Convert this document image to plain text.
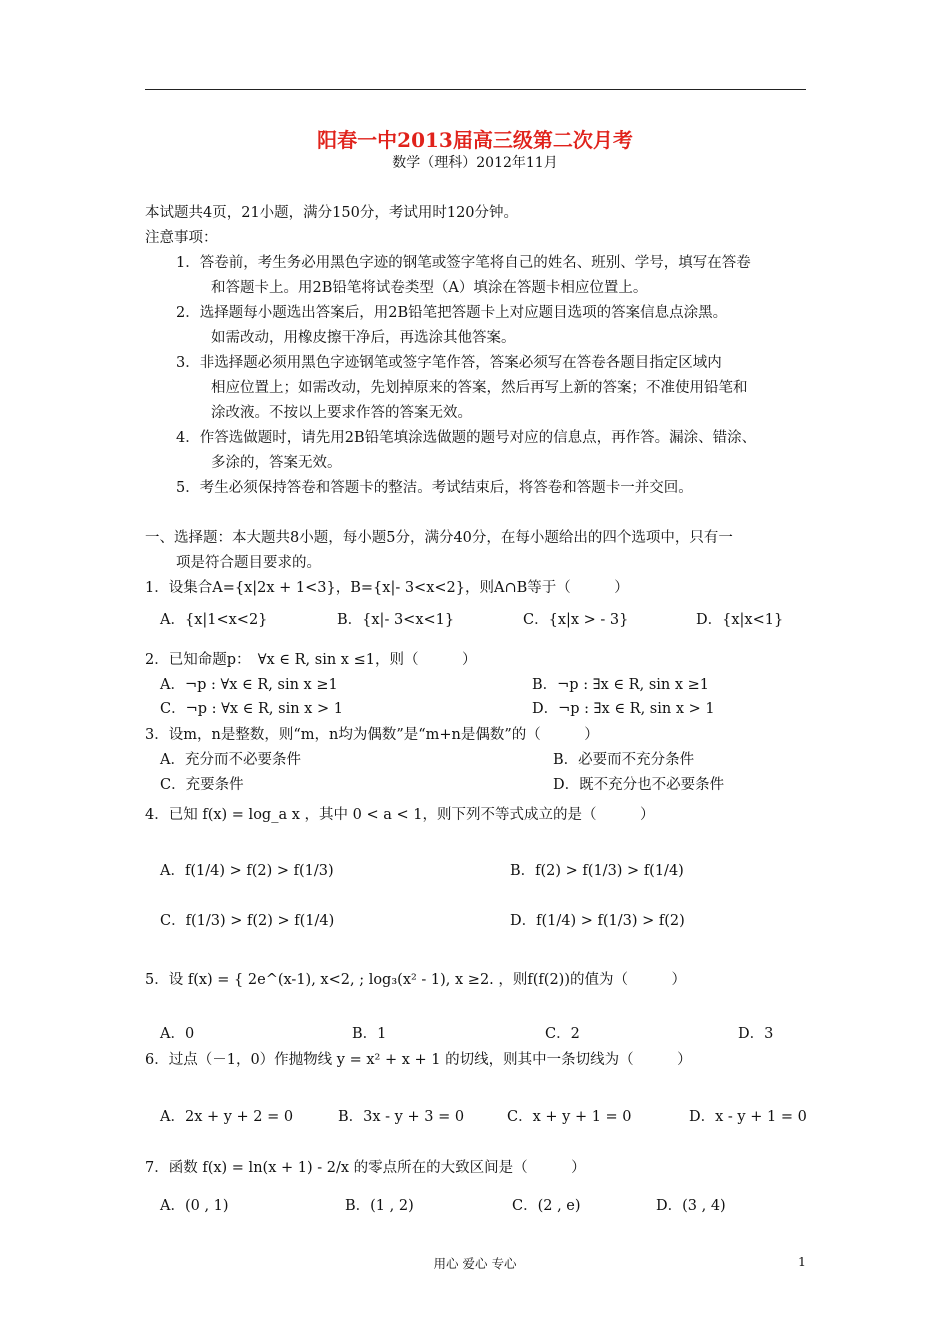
阳春一中2013届高三级第二次月考
数学（理科）2012年11月
本试题共4页，21小题，满分150分，考试用时120分钟。
注意事项：
1．答卷前，考生务必用黑色字迹的钢笔或签字笔将自己的姓名、班别、学号，填写在答卷
和答题卡上。用2B铅笔将试卷类型（A）填涂在答题卡相应位置上。
2．选择题每小题选出答案后，用2B铅笔把答题卡上对应题目选项的答案信息点涂黑。
如需改动，用橡皮擦干净后，再选涂其他答案。
3．非选择题必须用黑色字迹钢笔或签字笔作答，答案必须写在答卷各题目指定区域内
相应位置上；如需改动，先划掉原来的答案，然后再写上新的答案；不准使用铅笔和
涂改液。不按以上要求作答的答案无效。
4．作答选做题时，请先用2B铅笔填涂选做题的题号对应的信息点，再作答。漏涂、错涂、
多涂的，答案无效。
5．考生必须保持答卷和答题卡的整洁。考试结束后，将答卷和答题卡一并交回。
一、选择题：本大题共8小题，每小题5分，满分40分，在每小题给出的四个选项中，只有一
项是符合题目要求的。
1．设集合A={x|2x + 1<3}，B={x|- 3<x<2}，则A∩B等于（　　　）
A．{x|1<x<2}	B．{x|- 3<x<1}	C．{x|x > - 3}	D．{x|x<1}
2．已知命题p：　∀x ∈ R, sin x ≤1，则（　　　）
A．¬p : ∀x ∈ R, sin x ≥1	B．¬p : ∃x ∈ R, sin x ≥1
C．¬p : ∀x ∈ R, sin x > 1	D．¬p : ∃x ∈ R, sin x > 1
3．设m，n是整数，则“m，n均为偶数”是“m+n是偶数”的（　　　）
A．充分而不必要条件	B．必要而不充分条件
C．充要条件	D．既不充分也不必要条件
4．已知 f(x) = log_a x ，其中 0 < a < 1，则下列不等式成立的是（　　　）
A．f(1/4) > f(2) > f(1/3)	B．f(2) > f(1/3) > f(1/4)
C．f(1/3) > f(2) > f(1/4)	D．f(1/4) > f(1/3) > f(2)
5．设 f(x) = { 2e^(x-1), x<2, ; log₃(x² - 1), x ≥2. ，则f(f(2))的值为（　　　）
A．0	B．1	C．2	D．3
6．过点（－1，0）作抛物线 y = x² + x + 1 的切线，则其中一条切线为（　　　）
A．2x + y + 2 = 0	B．3x - y + 3 = 0	C．x + y + 1 = 0	D．x - y + 1 = 0
7．函数 f(x) = ln(x + 1) - 2/x 的零点所在的大致区间是（　　　）
A．(0 , 1)	B．(1 , 2)	C．(2 , e)	D．(3 , 4)
用心 爱心 专心	1
